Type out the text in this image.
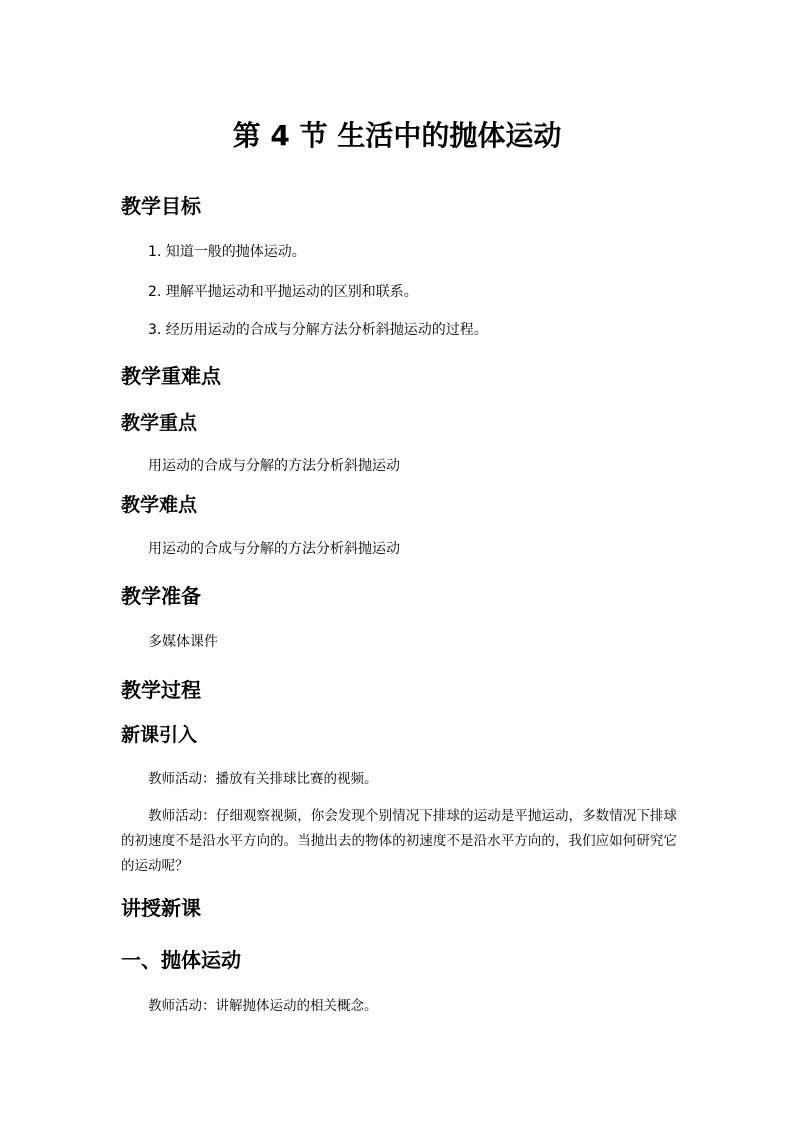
第 4 节 生活中的抛体运动
教学目标
1. 知道一般的抛体运动。
2. 理解平抛运动和平抛运动的区别和联系。
3. 经历用运动的合成与分解方法分析斜抛运动的过程。
教学重难点
教学重点
用运动的合成与分解的方法分析斜抛运动
教学难点
用运动的合成与分解的方法分析斜抛运动
教学准备
多媒体课件
教学过程
新课引入
教师活动：播放有关排球比赛的视频。
教师活动：仔细观察视频，你会发现个别情况下排球的运动是平抛运动，多数情况下排球的初速度不是沿水平方向的。当抛出去的物体的初速度不是沿水平方向的，我们应如何研究它的运动呢？
讲授新课
一、抛体运动
教师活动：讲解抛体运动的相关概念。
